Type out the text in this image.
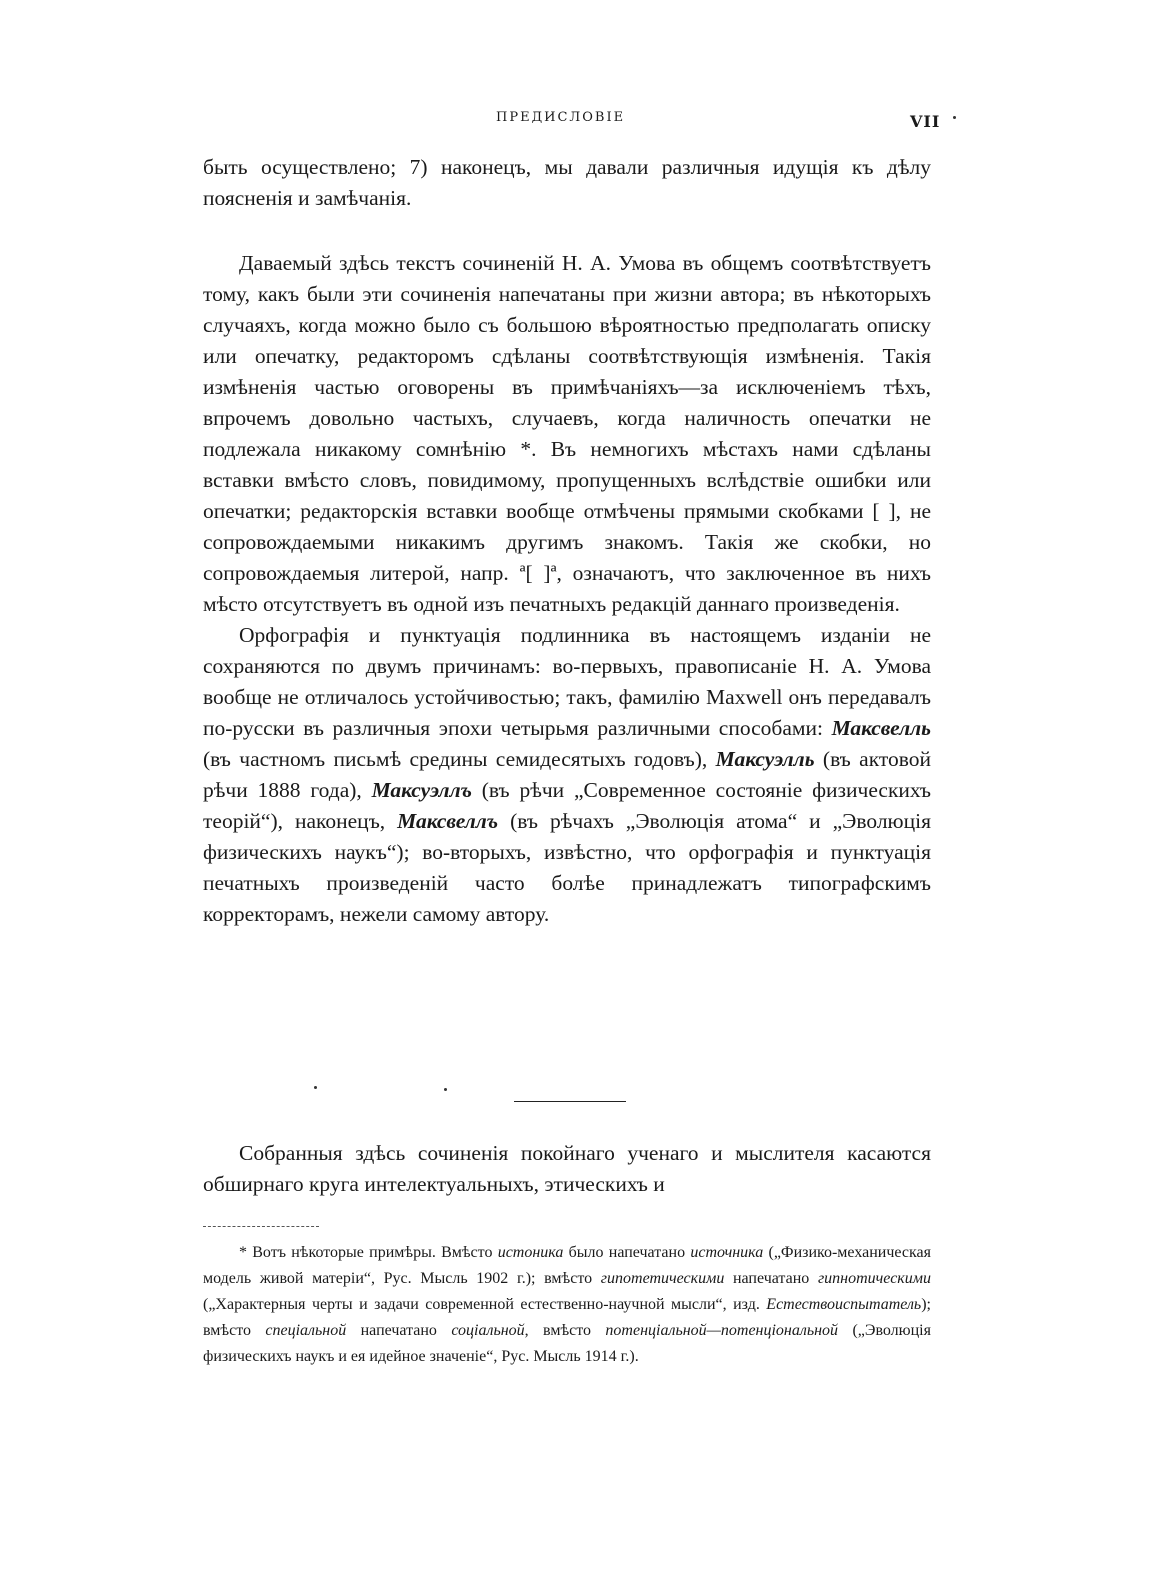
ПРЕДИСЛОВІЕ	VII

быть осуществлено; 7) наконецъ, мы давали различныя идущія къ дѣлу поясненія и замѣчанія.

Даваемый здѣсь текстъ сочиненій Н. А. Умова въ общемъ соотвѣтствуетъ тому, какъ были эти сочиненія напечатаны при жизни автора; въ нѣкоторыхъ случаяхъ, когда можно было съ большою вѣроятностью предполагать описку или опечатку, редакторомъ сдѣланы соотвѣтствующія измѣненія. Такія измѣненія частью оговорены въ примѣчаніяхъ—за исключеніемъ тѣхъ, впрочемъ довольно частыхъ, случаевъ, когда наличность опечатки не подлежала никакому сомнѣнію *. Въ немногихъ мѣстахъ нами сдѣланы вставки вмѣсто словъ, повидимому, пропущенныхъ вслѣдствіе ошибки или опечатки; редакторскія вставки вообще отмѣчены прямыми скобками [ ], не сопровождаемыми никакимъ другимъ знакомъ. Такія же скобки, но сопровождаемыя литерой, напр. ª[ ]ª, означаютъ, что заключенное въ нихъ мѣсто отсутствуетъ въ одной изъ печатныхъ редакцій даннаго произведенія.

Орфографія и пунктуація подлинника въ настоящемъ изданіи не сохраняются по двумъ причинамъ: во-первыхъ, правописаніе Н. А. Умова вообще не отличалось устойчивостью; такъ, фамилію Maxwell онъ передавалъ по-русски въ различныя эпохи четырьмя различными способами: Максвелль (въ частномъ письмѣ средины семидесятыхъ годовъ), Максуэлль (въ актовой рѣчи 1888 года), Максуэллъ (въ рѣчи „Современное состояніе физическихъ теорій“), наконецъ, Максвеллъ (въ рѣчахъ „Эволюція атома“ и „Эволюція физическихъ наукъ“); во-вторыхъ, извѣстно, что орфографія и пунктуація печатныхъ произведеній часто болѣе принадлежатъ типографскимъ корректорамъ, нежели самому автору.

Собранныя здѣсь сочиненія покойнаго ученаго и мыслителя касаются обширнаго круга интелектуальныхъ, этическихъ и

* Вотъ нѣкоторые примѣры. Вмѣсто истоника было напечатано источника („Физико-механическая модель живой матеріи“, Рус. Мысль 1902 г.); вмѣсто гипотетическими напечатано гипнотическими („Характерныя черты и задачи современной естественно-научной мысли“, изд. Естествоиспытатель); вмѣсто спеціальной напечатано соціальной, вмѣсто потенціальной—потенціональной („Эволюція физическихъ наукъ и ея идейное значеніе“, Рус. Мысль 1914 г.).
